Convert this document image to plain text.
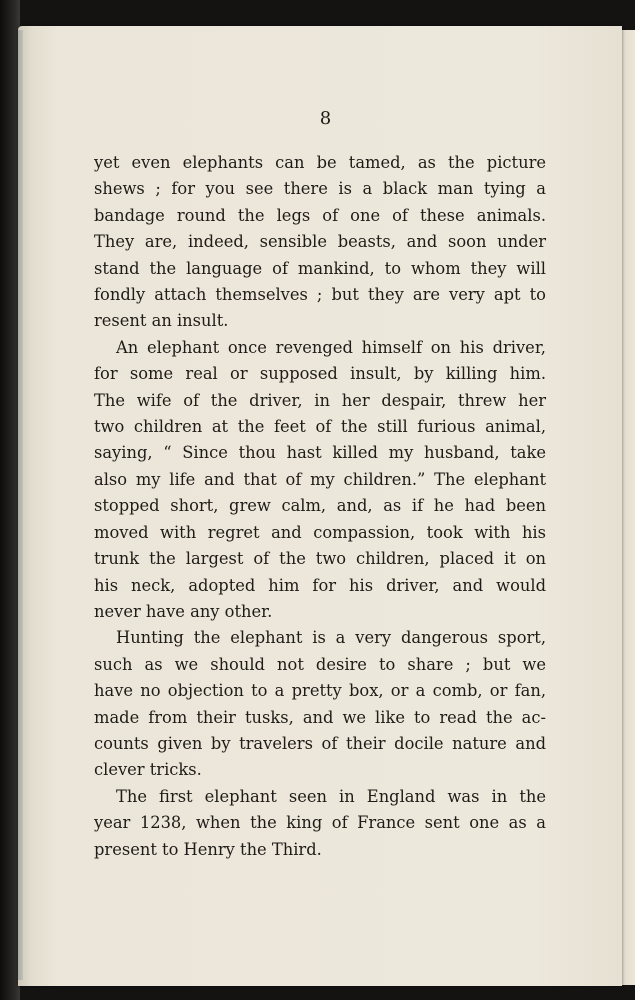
8

yet even elephants can be tamed, as the picture
shews ; for you see there is a black man tying a
bandage round the legs of one of these animals.
They are, indeed, sensible beasts, and soon under
stand the language of mankind, to whom they will
fondly attach themselves ; but they are very apt to
resent an insult.

An elephant once revenged himself on his driver,
for some real or supposed insult, by killing him.
The wife of the driver, in her despair, threw her
two children at the feet of the still furious animal,
saying, “ Since thou hast killed my husband, take
also my life and that of my children.” The elephant
stopped short, grew calm, and, as if he had been
moved with regret and compassion, took with his
trunk the largest of the two children, placed it on
his neck, adopted him for his driver, and would
never have any other.

Hunting the elephant is a very dangerous sport,
such as we should not desire to share ; but we
have no objection to a pretty box, or a comb, or fan,
made from their tusks, and we like to read the ac-
counts given by travelers of their docile nature and
clever tricks.

The first elephant seen in England was in the
year 1238, when the king of France sent one as a
present to Henry the Third.
